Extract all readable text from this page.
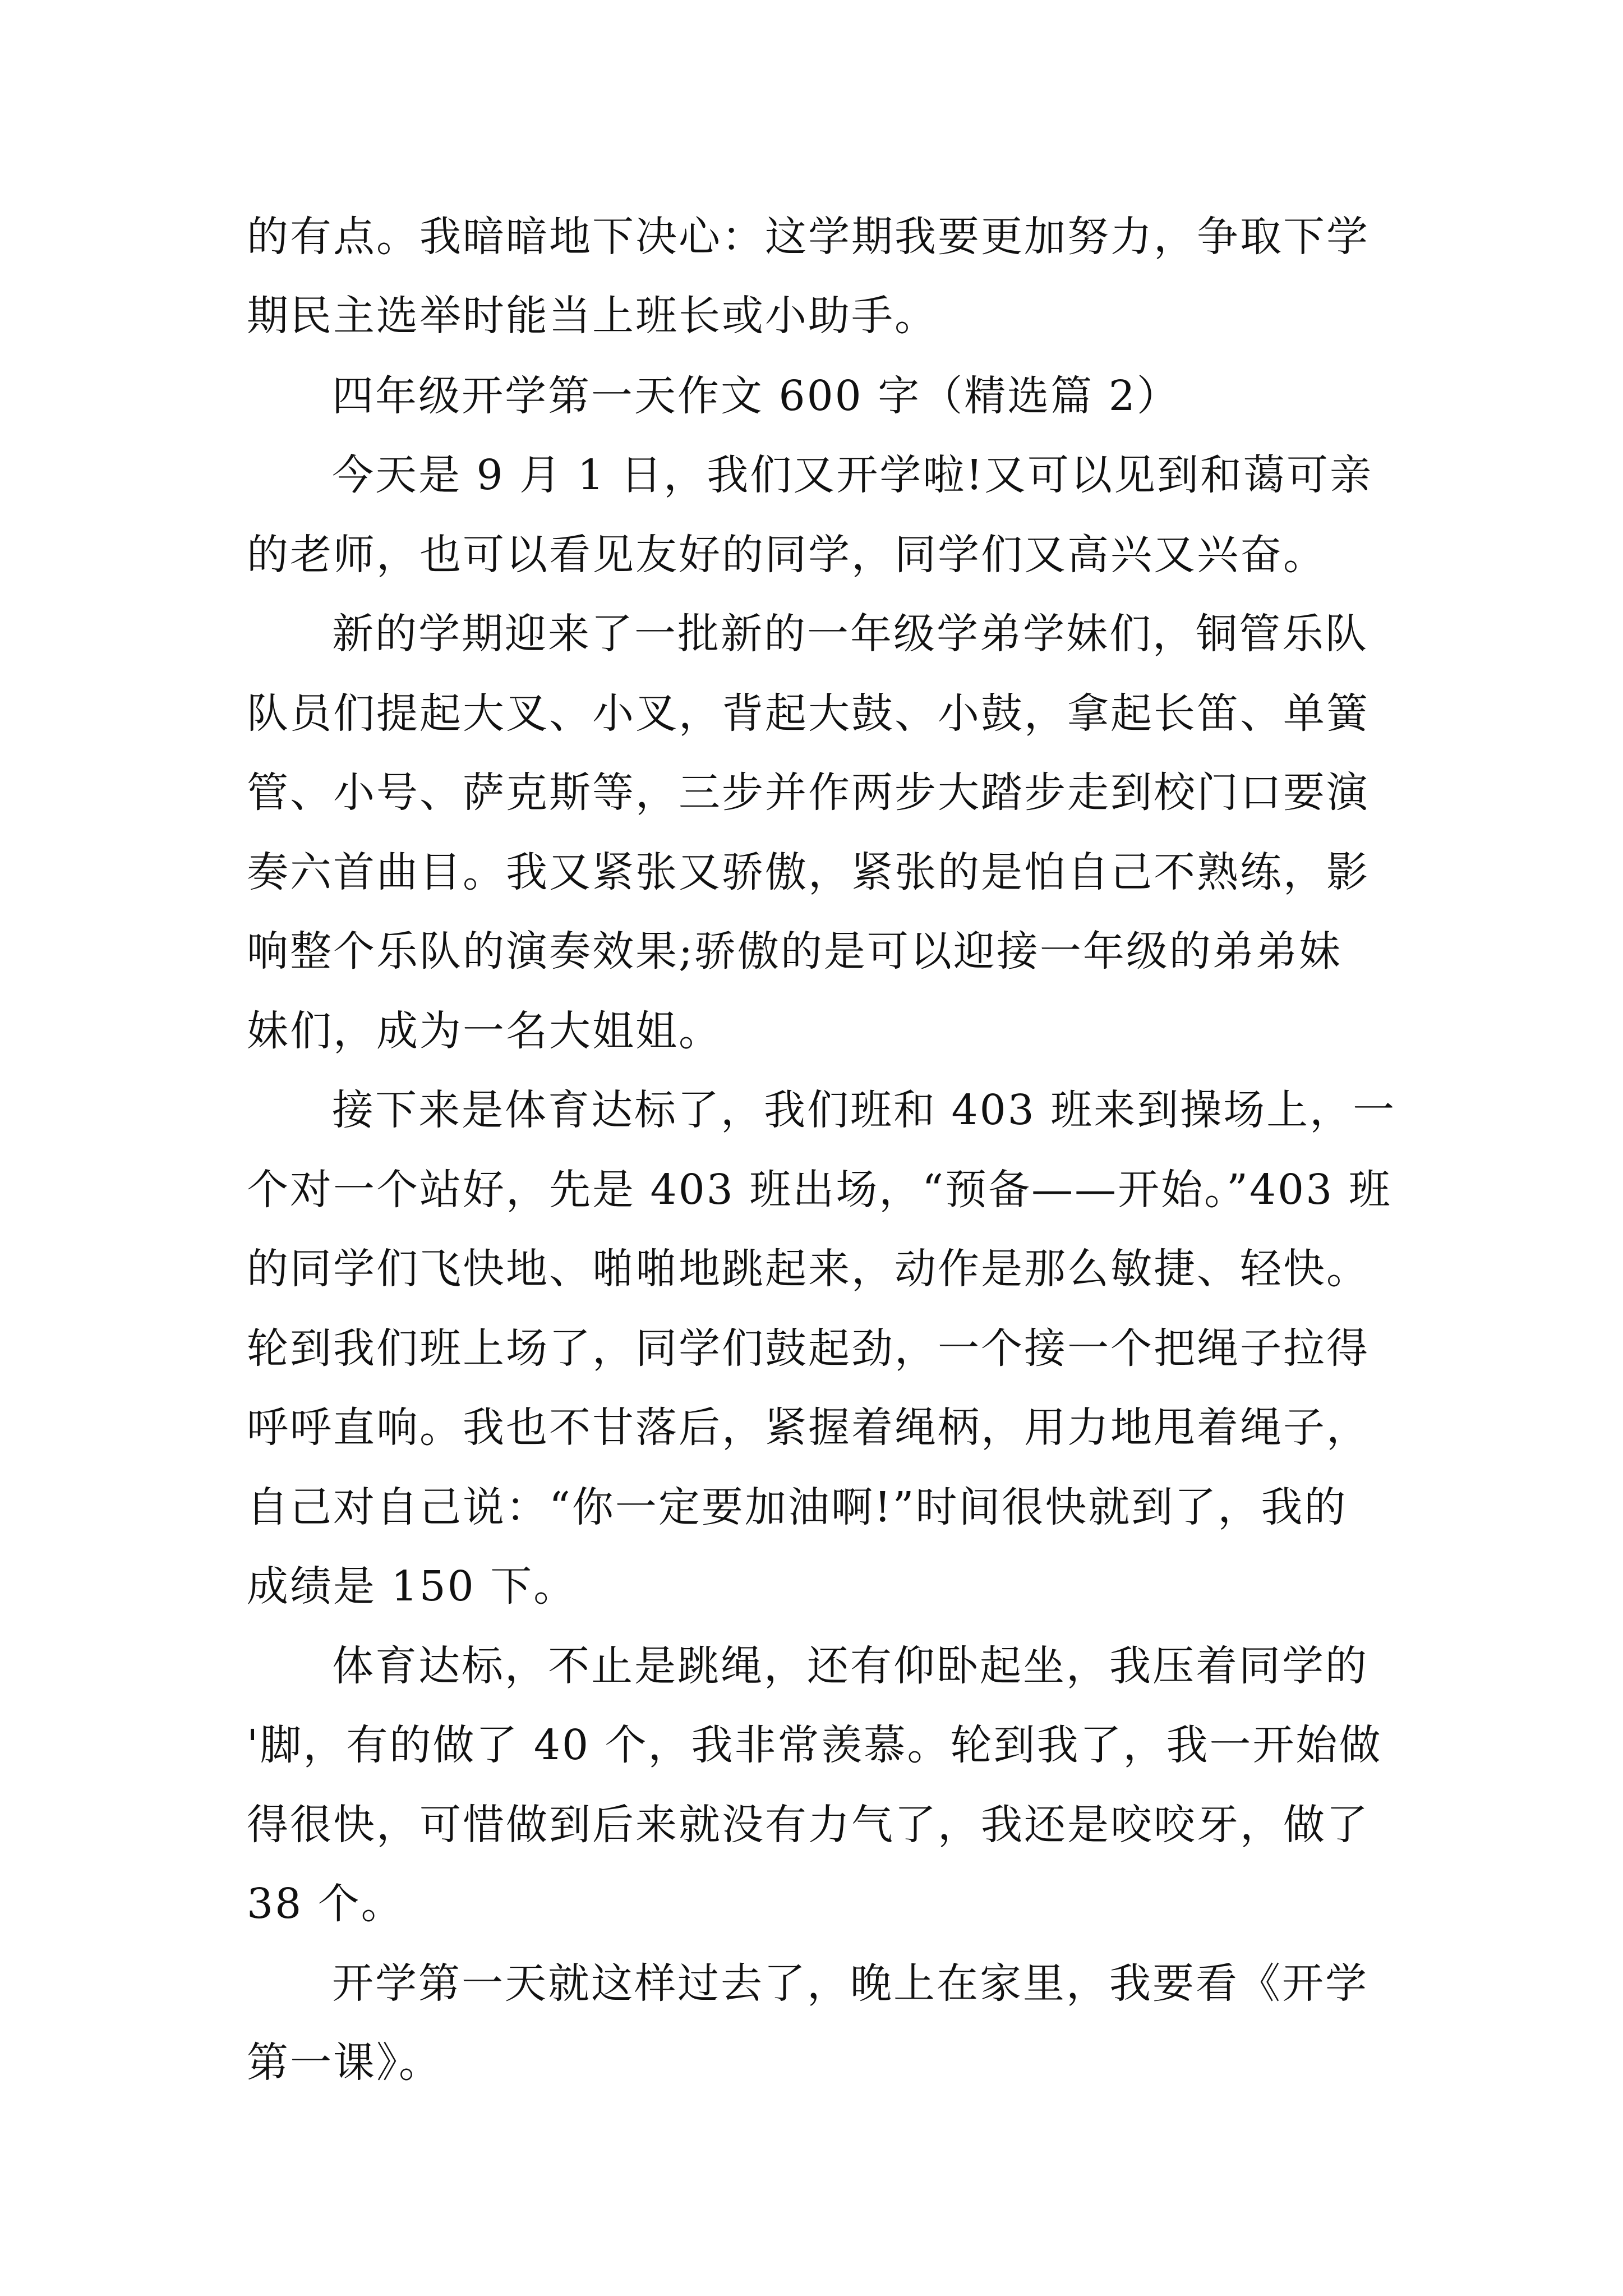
的有点。我暗暗地下决心：这学期我要更加努力，争取下学
期民主选举时能当上班长或小助手。
四年级开学第一天作文 600 字（精选篇 2）
今天是 9 月 1 日，我们又开学啦!又可以见到和蔼可亲
的老师，也可以看见友好的同学，同学们又高兴又兴奋。
新的学期迎来了一批新的一年级学弟学妹们，铜管乐队
队员们提起大叉、小叉，背起大鼓、小鼓，拿起长笛、单簧
管、小号、萨克斯等，三步并作两步大踏步走到校门口要演
奏六首曲目。我又紧张又骄傲，紧张的是怕自己不熟练，影
响整个乐队的演奏效果;骄傲的是可以迎接一年级的弟弟妹
妹们，成为一名大姐姐。
接下来是体育达标了，我们班和 403 班来到操场上，一
个对一个站好，先是 403 班出场，“预备——开始。”403 班
的同学们飞快地、啪啪地跳起来，动作是那么敏捷、轻快。
轮到我们班上场了，同学们鼓起劲，一个接一个把绳子拉得
呼呼直响。我也不甘落后，紧握着绳柄，用力地甩着绳子，
自己对自己说：“你一定要加油啊!”时间很快就到了，我的
成绩是 150 下。
体育达标，不止是跳绳，还有仰卧起坐，我压着同学的
'脚，有的做了 40 个，我非常羡慕。轮到我了，我一开始做
得很快，可惜做到后来就没有力气了，我还是咬咬牙，做了
38 个。
开学第一天就这样过去了，晚上在家里，我要看《开学
第一课》。
